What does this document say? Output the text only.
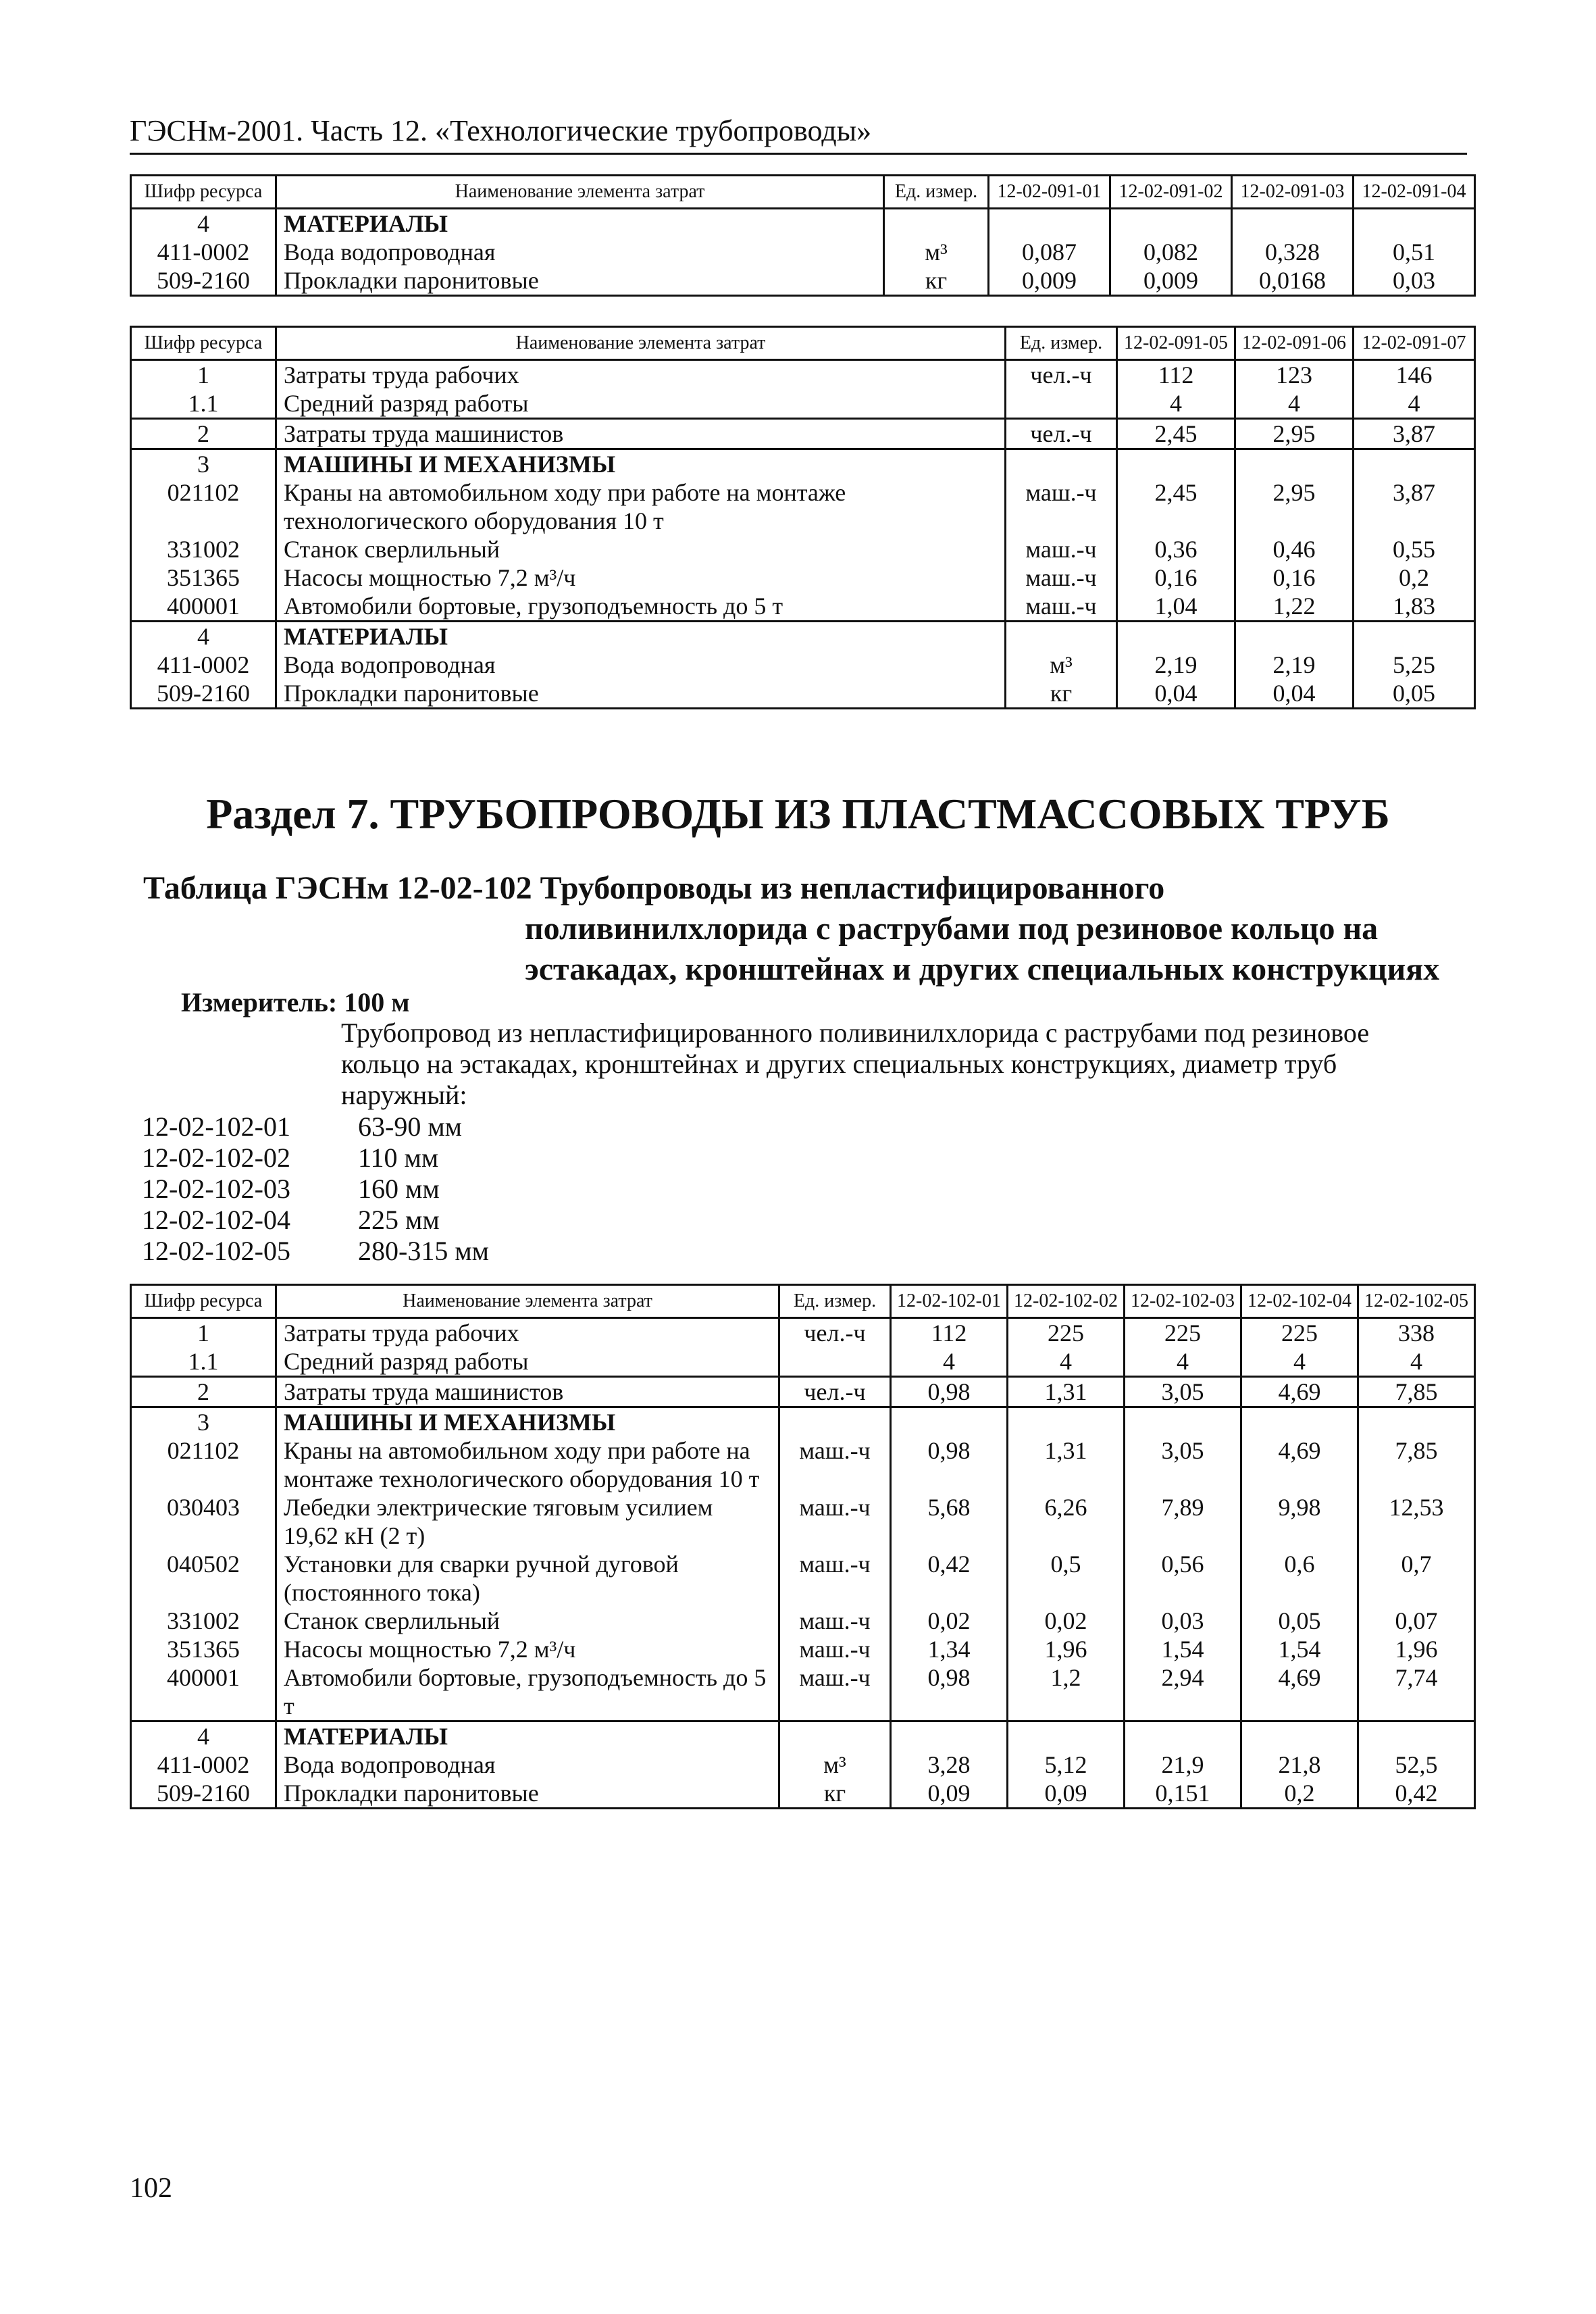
ГЭСНм-2001. Часть 12. «Технологические трубопроводы»
Шифр ресурса	Наименование элемента затрат	Ед. измер.	12-02-091-01	12-02-091-02	12-02-091-03	12-02-091-04
4	МАТЕРИАЛЫ					
411-0002	Вода водопроводная	м³	0,087	0,082	0,328	0,51
509-2160	Прокладки паронитовые	кг	0,009	0,009	0,0168	0,03
Шифр ресурса	Наименование элемента затрат	Ед. измер.	12-02-091-05	12-02-091-06	12-02-091-07
1	Затраты труда рабочих	чел.-ч	112	123	146
1.1	Средний разряд работы		4	4	4
2	Затраты труда машинистов	чел.-ч	2,45	2,95	3,87
3	МАШИНЫ И МЕХАНИЗМЫ				
021102	Краны на автомобильном ходу при работе на монтаже технологического оборудования 10 т	маш.-ч	2,45	2,95	3,87
331002	Станок сверлильный	маш.-ч	0,36	0,46	0,55
351365	Насосы мощностью 7,2 м³/ч	маш.-ч	0,16	0,16	0,2
400001	Автомобили бортовые, грузоподъемность до 5 т	маш.-ч	1,04	1,22	1,83
4	МАТЕРИАЛЫ				
411-0002	Вода водопроводная	м³	2,19	2,19	5,25
509-2160	Прокладки паронитовые	кг	0,04	0,04	0,05
Раздел 7. ТРУБОПРОВОДЫ ИЗ ПЛАСТМАССОВЫХ ТРУБ
Таблица ГЭСНм 12-02-102 Трубопроводы из непластифицированного
поливинилхлорида с раструбами под резиновое кольцо на
эстакадах, кронштейнах и других специальных конструкциях
Измеритель: 100 м
Трубопровод из непластифицированного поливинилхлорида с раструбами под резиновое кольцо на эстакадах, кронштейнах и других специальных конструкциях, диаметр труб наружный:
12-02-102-01	63-90 мм
12-02-102-02	110 мм
12-02-102-03	160 мм
12-02-102-04	225 мм
12-02-102-05	280-315 мм
Шифр ресурса	Наименование элемента затрат	Ед. измер.	12-02-102-01	12-02-102-02	12-02-102-03	12-02-102-04	12-02-102-05
1	Затраты труда рабочих	чел.-ч	112	225	225	225	338
1.1	Средний разряд работы		4	4	4	4	4
2	Затраты труда машинистов	чел.-ч	0,98	1,31	3,05	4,69	7,85
3	МАШИНЫ И МЕХАНИЗМЫ						
021102	Краны на автомобильном ходу при работе на монтаже технологического оборудования 10 т	маш.-ч	0,98	1,31	3,05	4,69	7,85
030403	Лебедки электрические тяговым усилием 19,62 кН (2 т)	маш.-ч	5,68	6,26	7,89	9,98	12,53
040502	Установки для сварки ручной дуговой (постоянного тока)	маш.-ч	0,42	0,5	0,56	0,6	0,7
331002	Станок сверлильный	маш.-ч	0,02	0,02	0,03	0,05	0,07
351365	Насосы мощностью 7,2 м³/ч	маш.-ч	1,34	1,96	1,54	1,54	1,96
400001	Автомобили бортовые, грузоподъемность до 5 т	маш.-ч	0,98	1,2	2,94	4,69	7,74
4	МАТЕРИАЛЫ						
411-0002	Вода водопроводная	м³	3,28	5,12	21,9	21,8	52,5
509-2160	Прокладки паронитовые	кг	0,09	0,09	0,151	0,2	0,42
102
